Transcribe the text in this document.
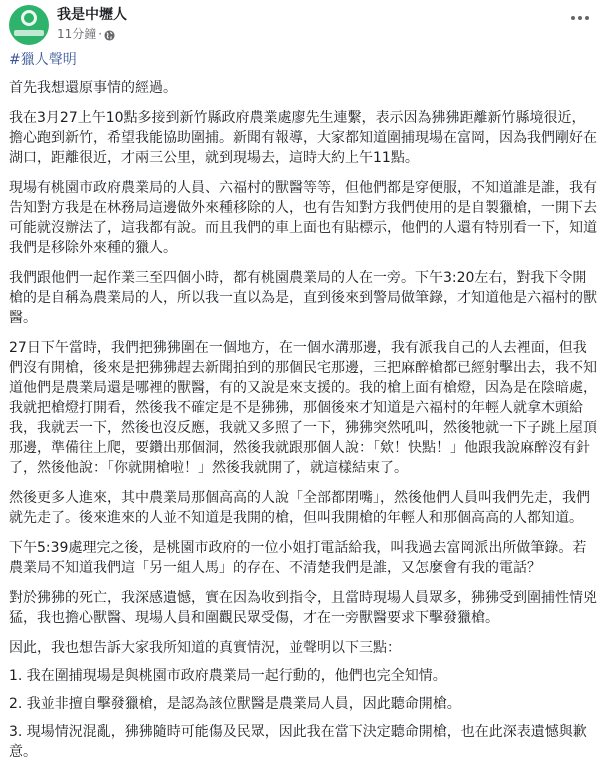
我是中壢人
11分鐘 ·
#獵人聲明

首先我想還原事情的經過。

我在3月27上午10點多接到新竹縣政府農業處廖先生連繫，表示因為狒狒距離新竹縣境很近，擔心跑到新竹，希望我能協助圍捕。新聞有報導，大家都知道圍捕現場在富岡，因為我們剛好在湖口，距離很近，才兩三公里，就到現場去，這時大約上午11點。

現場有桃園市政府農業局的人員、六福村的獸醫等等，但他們都是穿便服，不知道誰是誰，我有告知對方我是在林務局這邊做外來種移除的人，也有告知對方我們使用的是自製獵槍，一開下去可能就沒辦法了，這我都有說。而且我們的車上面也有貼標示，他們的人還有特別看一下，知道我們是移除外來種的獵人。

我們跟他們一起作業三至四個小時，都有桃園農業局的人在一旁。下午3:20左右，對我下令開槍的是自稱為農業局的人，所以我一直以為是，直到後來到警局做筆錄，才知道他是六福村的獸醫。

27日下午當時，我們把狒狒圍在一個地方，在一個水溝那邊，我有派我自己的人去裡面，但我們沒有開槍，後來是把狒狒趕去新聞拍到的那個民宅那邊，三把麻醉槍都已經射擊出去，我不知道他們是農業局還是哪裡的獸醫，有的又說是來支援的。我的槍上面有槍燈，因為是在陰暗處，我就把槍燈打開看，然後我不確定是不是狒狒，那個後來才知道是六福村的年輕人就拿木頭給我，我就丟一下，然後也沒反應，我就又多照了一下，狒狒突然吼叫，然後牠就一下子跳上屋頂那邊，準備往上爬，要鑽出那個洞，然後我就跟那個人說：「欸！快點！」他跟我說麻醉沒有針了，然後他說：「你就開槍啦！」然後我就開了，就這樣結束了。

然後更多人進來，其中農業局那個高高的人說「全部都閉嘴」，然後他們人員叫我們先走，我們就先走了。後來進來的人並不知道是我開的槍，但叫我開槍的年輕人和那個高高的人都知道。

下午5:39處理完之後，是桃園市政府的一位小姐打電話給我，叫我過去富岡派出所做筆錄。若農業局不知道我們這「另一組人馬」的存在、不清楚我們是誰，又怎麼會有我的電話？

對於狒狒的死亡，我深感遺憾，實在因為收到指令，且當時現場人員眾多，狒狒受到圍捕性情兇猛，我也擔心獸醫、現場人員和圍觀民眾受傷，才在一旁獸醫要求下擊發獵槍。

因此，我也想告訴大家我所知道的真實情況，並聲明以下三點：

1. 我在圍捕現場是與桃園市政府農業局一起行動的，他們也完全知情。

2. 我並非擅自擊發獵槍，是認為該位獸醫是農業局人員，因此聽命開槍。

3. 現場情況混亂，狒狒隨時可能傷及民眾，因此我在當下決定聽命開槍，也在此深表遺憾與歉意。
